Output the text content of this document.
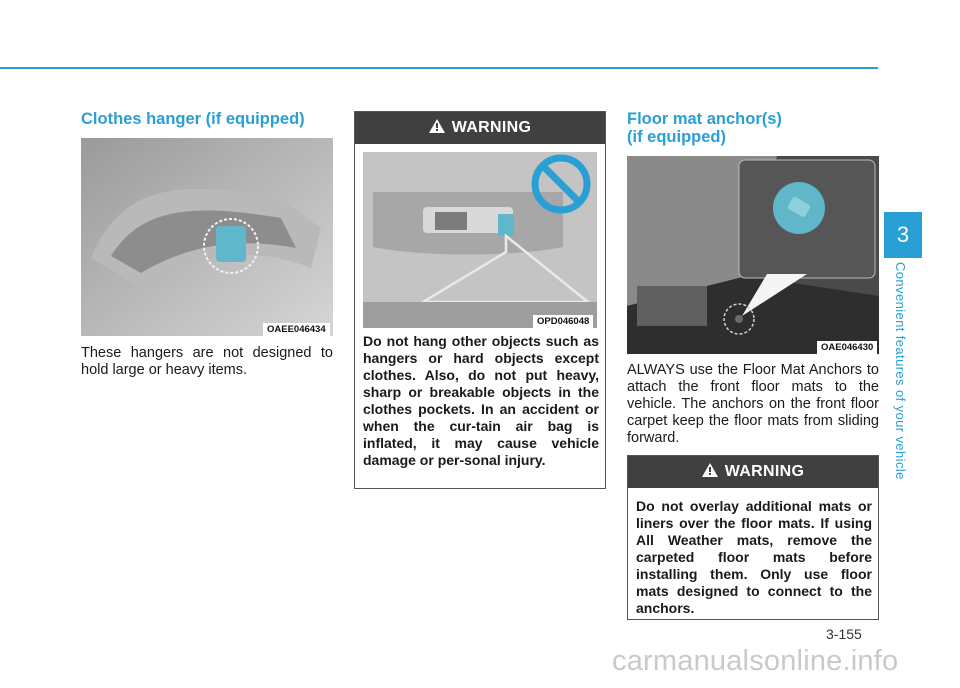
Clothes hanger (if equipped)
OAEE046434

These hangers are not designed to hold large or heavy items.

WARNING
OPD046048

Do not hang other objects such as hangers or hard objects except clothes. Also, do not put heavy, sharp or breakable objects in the clothes pockets. In an accident or when the cur-tain air bag is inflated, it may cause vehicle damage or per-sonal injury.

Floor mat anchor(s)
(if equipped)
OAE046430

ALWAYS use the Floor Mat Anchors to attach the front floor mats to the vehicle. The anchors on the front floor carpet keep the floor mats from sliding forward.

WARNING

Do not overlay additional mats or liners over the floor mats. If using All Weather mats, remove the carpeted floor mats before installing them. Only use floor mats designed to connect to the anchors.

3
Convenient features of your vehicle
3-155
carmanualsonline.info
